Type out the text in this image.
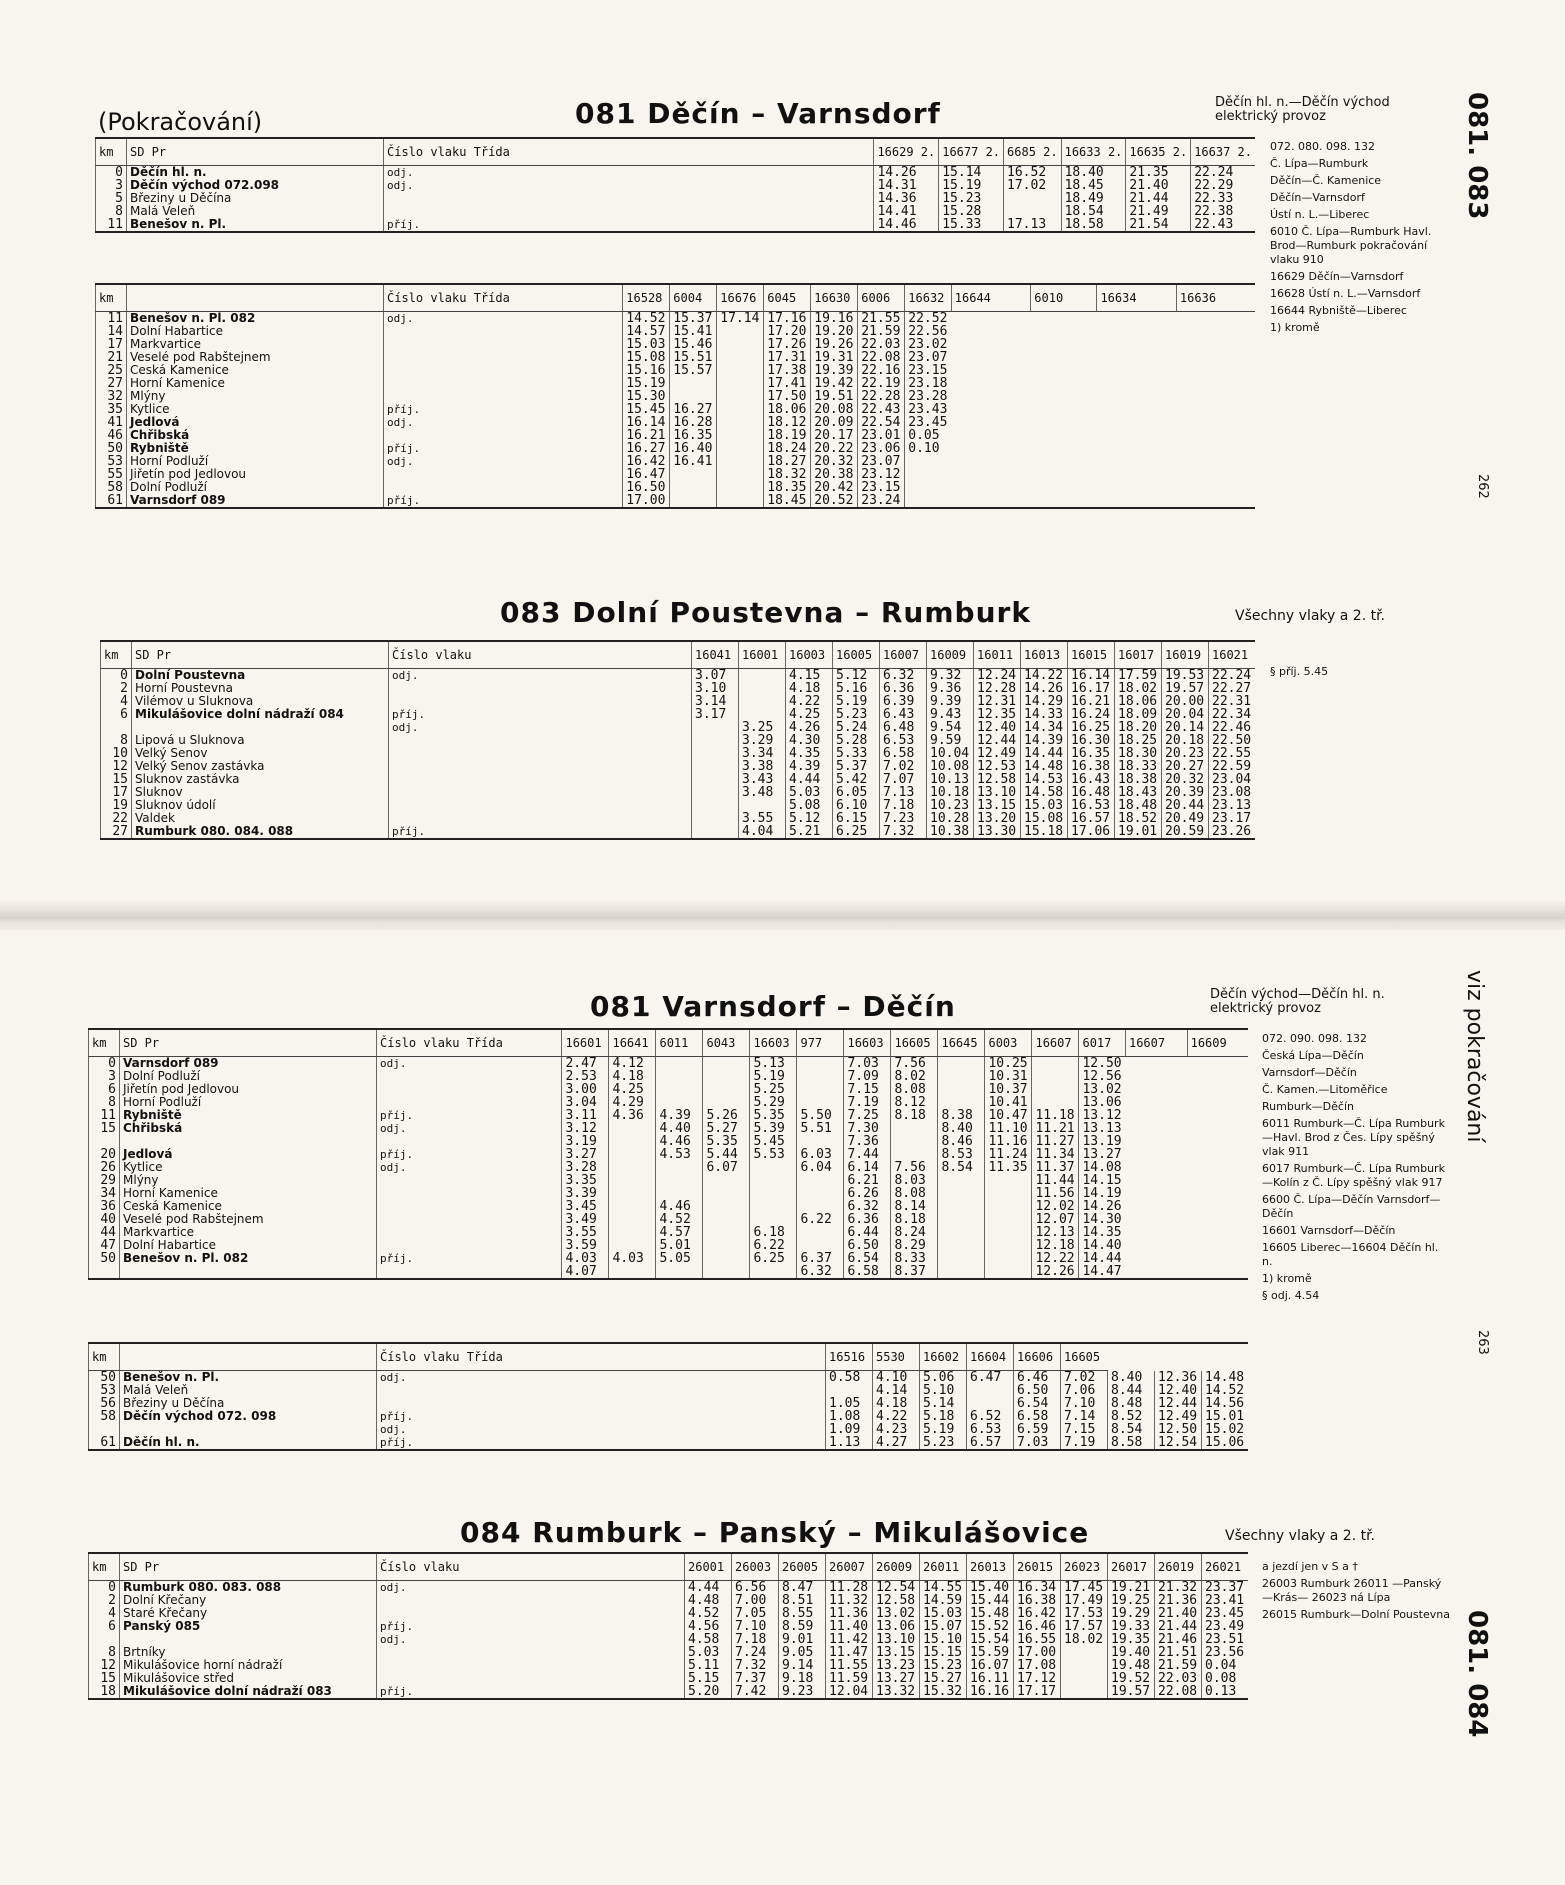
(Pokračování)	081 Děčín – Varnsdorf	Děčín hl. n.—Děčín východ elektrický provoz	081. 083
262
km	SD Pr	Číslo vlaku Třída	16629 2.	16677 2.	6685 2.	16633 2.	16635 2.	16637 2.
0	Děčín hl. n.	odj.	14.26	15.14	16.52	18.40	21.35	22.24
3	Děčín východ 072.098	odj.	14.31	15.19	17.02	18.45	21.40	22.29
5	Březiny u Děčína		14.36	15.23		18.49	21.44	22.33
8	Malá Veleň		14.41	15.28		18.54	21.49	22.38
11	Benešov n. Pl.	příj.	14.46	15.33	17.13	18.58	21.54	22.43
km		Číslo vlaku Třída	16528	6004	16676	6045	16630	6006	16632	16644	6010	16634	16636
11	Benešov n. Pl. 082	odj.	14.52	15.37	17.14	17.16	19.16	21.55	22.52				
14	Dolní Habartice		14.57	15.41		17.20	19.20	21.59	22.56				
17	Markvartice		15.03	15.46		17.26	19.26	22.03	23.02				
21	Veselé pod Rabštejnem		15.08	15.51		17.31	19.31	22.08	23.07				
25	Česká Kamenice		15.16	15.57		17.38	19.39	22.16	23.15				
27	Horní Kamenice		15.19			17.41	19.42	22.19	23.18				
32	Mlýny		15.30			17.50	19.51	22.28	23.28				
35	Kytlice	příj.	15.45	16.27		18.06	20.08	22.43	23.43				
41	Jedlová	odj.	16.14	16.28		18.12	20.09	22.54	23.45				
46	Chřibská		16.21	16.35		18.19	20.17	23.01	0.05				
50	Rybniště	příj.	16.27	16.40		18.24	20.22	23.06	0.10				
53	Horní Podluží	odj.	16.42	16.41		18.27	20.32	23.07					
55	Jiřetín pod Jedlovou		16.47			18.32	20.38	23.12					
58	Dolní Podluží		16.50			18.35	20.42	23.15					
61	Varnsdorf 089	příj.	17.00			18.45	20.52	23.24					
072. 080. 098. 132
Č. Lípa—Rumburk
Děčín—Č. Kamenice
Děčín—Varnsdorf
Ústí n. L.—Liberec
6010 Č. Lípa—Rumburk Havl. Brod—Rumburk pokračování vlaku 910
16629 Děčín—Varnsdorf
16628 Ústí n. L.—Varnsdorf
16644 Rybniště—Liberec
1) kromě
083 Dolní Poustevna – Rumburk	Všechny vlaky a 2. tř.
km	SD Pr	Číslo vlaku	16041	16001	16003	16005	16007	16009	16011	16013	16015	16017	16019	16021
0	Dolní Poustevna	odj.	3.07		4.15	5.12	6.32	9.32	12.24	14.22	16.14	17.59	19.53	22.24
2	Horní Poustevna		3.10		4.18	5.16	6.36	9.36	12.28	14.26	16.17	18.02	19.57	22.27
4	Vilémov u Šluknova		3.14		4.22	5.19	6.39	9.39	12.31	14.29	16.21	18.06	20.00	22.31
6	Mikulášovice dolní nádraží 084	příj.	3.17		4.25	5.23	6.43	9.43	12.35	14.33	16.24	18.09	20.04	22.34
		odj.		3.25	4.26	5.24	6.48	9.54	12.40	14.34	16.25	18.20	20.14	22.46
8	Lipová u Šluknova			3.29	4.30	5.28	6.53	9.59	12.44	14.39	16.30	18.25	20.18	22.50
10	Velký Šenov			3.34	4.35	5.33	6.58	10.04	12.49	14.44	16.35	18.30	20.23	22.55
12	Velký Šenov zastávka			3.38	4.39	5.37	7.02	10.08	12.53	14.48	16.38	18.33	20.27	22.59
15	Šluknov zastávka			3.43	4.44	5.42	7.07	10.13	12.58	14.53	16.43	18.38	20.32	23.04
17	Šluknov			3.48	5.03	6.05	7.13	10.18	13.10	14.58	16.48	18.43	20.39	23.08
19	Šluknov údolí				5.08	6.10	7.18	10.23	13.15	15.03	16.53	18.48	20.44	23.13
22	Valdek			3.55	5.12	6.15	7.23	10.28	13.20	15.08	16.57	18.52	20.49	23.17
27	Rumburk 080. 084. 088	příj.		4.04	5.21	6.25	7.32	10.38	13.30	15.18	17.06	19.01	20.59	23.26
§ příj. 5.45
081 Varnsdorf – Děčín	Děčín východ—Děčín hl. n. elektrický provoz	viz pokračování
263
km	SD Pr	Číslo vlaku Třída	16601	16641	6011	6043	16603	977	16603	16605	16645	6003	16607	6017	16607	16609
0	Varnsdorf 089	odj.	2.47	4.12			5.13		7.03	7.56		10.25		12.50		
3	Dolní Podluží		2.53	4.18			5.19		7.09	8.02		10.31		12.56		
6	Jiřetín pod Jedlovou		3.00	4.25			5.25		7.15	8.08		10.37		13.02		
8	Horní Podluží		3.04	4.29			5.29		7.19	8.12		10.41		13.06		
11	Rybniště	příj.	3.11	4.36	4.39	5.26	5.35	5.50	7.25	8.18	8.38	10.47	11.18	13.12		
15	Chřibská	odj.	3.12		4.40	5.27	5.39	5.51	7.30		8.40	11.10	11.21	13.13		
			3.19		4.46	5.35	5.45		7.36		8.46	11.16	11.27	13.19		
20	Jedlová	příj.	3.27		4.53	5.44	5.53	6.03	7.44		8.53	11.24	11.34	13.27		
26	Kytlice	odj.	3.28			6.07		6.04	6.14	7.56	8.54	11.35	11.37	14.08		
29	Mlýny		3.35						6.21	8.03			11.44	14.15		
34	Horní Kamenice		3.39						6.26	8.08			11.56	14.19		
36	Česká Kamenice		3.45		4.46				6.32	8.14			12.02	14.26		
40	Veselé pod Rabštejnem		3.49		4.52			6.22	6.36	8.18			12.07	14.30		
44	Markvartice		3.55		4.57		6.18		6.44	8.24			12.13	14.35		
47	Dolní Habartice		3.59		5.01		6.22		6.50	8.29			12.18	14.40		
50	Benešov n. Pl. 082	příj.	4.03	4.03	5.05		6.25	6.37	6.54	8.33			12.22	14.44		
			4.07					6.32	6.58	8.37			12.26	14.47		
km		Číslo vlaku Třída	16516	5530	16602	16604	16606	16605			
50	Benešov n. Pl.	odj.	0.58	4.10	5.06	6.47	6.46	7.02	8.40	12.36	14.48
53	Malá Veleň			4.14	5.10		6.50	7.06	8.44	12.40	14.52
56	Březiny u Děčína		1.05	4.18	5.14		6.54	7.10	8.48	12.44	14.56
58	Děčín východ 072. 098	příj.	1.08	4.22	5.18	6.52	6.58	7.14	8.52	12.49	15.01
		odj.	1.09	4.23	5.19	6.53	6.59	7.15	8.54	12.50	15.02
61	Děčín hl. n.	příj.	1.13	4.27	5.23	6.57	7.03	7.19	8.58	12.54	15.06
072. 090. 098. 132
Česká Lípa—Děčín
Varnsdorf—Děčín
Č. Kamen.—Litoměřice
Rumburk—Děčín
6011 Rumburk—Č. Lípa Rumburk—Havl. Brod z Čes. Lípy spěšný vlak 911
6017 Rumburk—Č. Lípa Rumburk—Kolín z Č. Lípy spěšný vlak 917
6600 Č. Lípa—Děčín Varnsdorf—Děčín
16601 Varnsdorf—Děčín
16605 Liberec—16604 Děčín hl. n.
1) kromě
§ odj. 4.54
084 Rumburk – Panský – Mikulášovice	Všechny vlaky a 2. tř.
081. 084
km	SD Pr	Číslo vlaku	26001	26003	26005	26007	26009	26011	26013	26015	26023	26017	26019	26021
0	Rumburk 080. 083. 088	odj.	4.44	6.56	8.47	11.28	12.54	14.55	15.40	16.34	17.45	19.21	21.32	23.37
2	Dolní Křečany		4.48	7.00	8.51	11.32	12.58	14.59	15.44	16.38	17.49	19.25	21.36	23.41
4	Staré Křečany		4.52	7.05	8.55	11.36	13.02	15.03	15.48	16.42	17.53	19.29	21.40	23.45
6	Panský 085	příj.	4.56	7.10	8.59	11.40	13.06	15.07	15.52	16.46	17.57	19.33	21.44	23.49
		odj.	4.58	7.18	9.01	11.42	13.10	15.10	15.54	16.55	18.02	19.35	21.46	23.51
8	Brtníky		5.03	7.24	9.05	11.47	13.15	15.15	15.59	17.00		19.40	21.51	23.56
12	Mikulášovice horní nádraží		5.11	7.32	9.14	11.55	13.23	15.23	16.07	17.08		19.48	21.59	0.04
15	Mikulášovice střed		5.15	7.37	9.18	11.59	13.27	15.27	16.11	17.12		19.52	22.03	0.08
18	Mikulášovice dolní nádraží 083	příj.	5.20	7.42	9.23	12.04	13.32	15.32	16.16	17.17		19.57	22.08	0.13
a jezdí jen v S a †
26003 Rumburk 26011 —Panský—Krás— 26023 ná Lípa
26015 Rumburk—Dolní Poustevna
